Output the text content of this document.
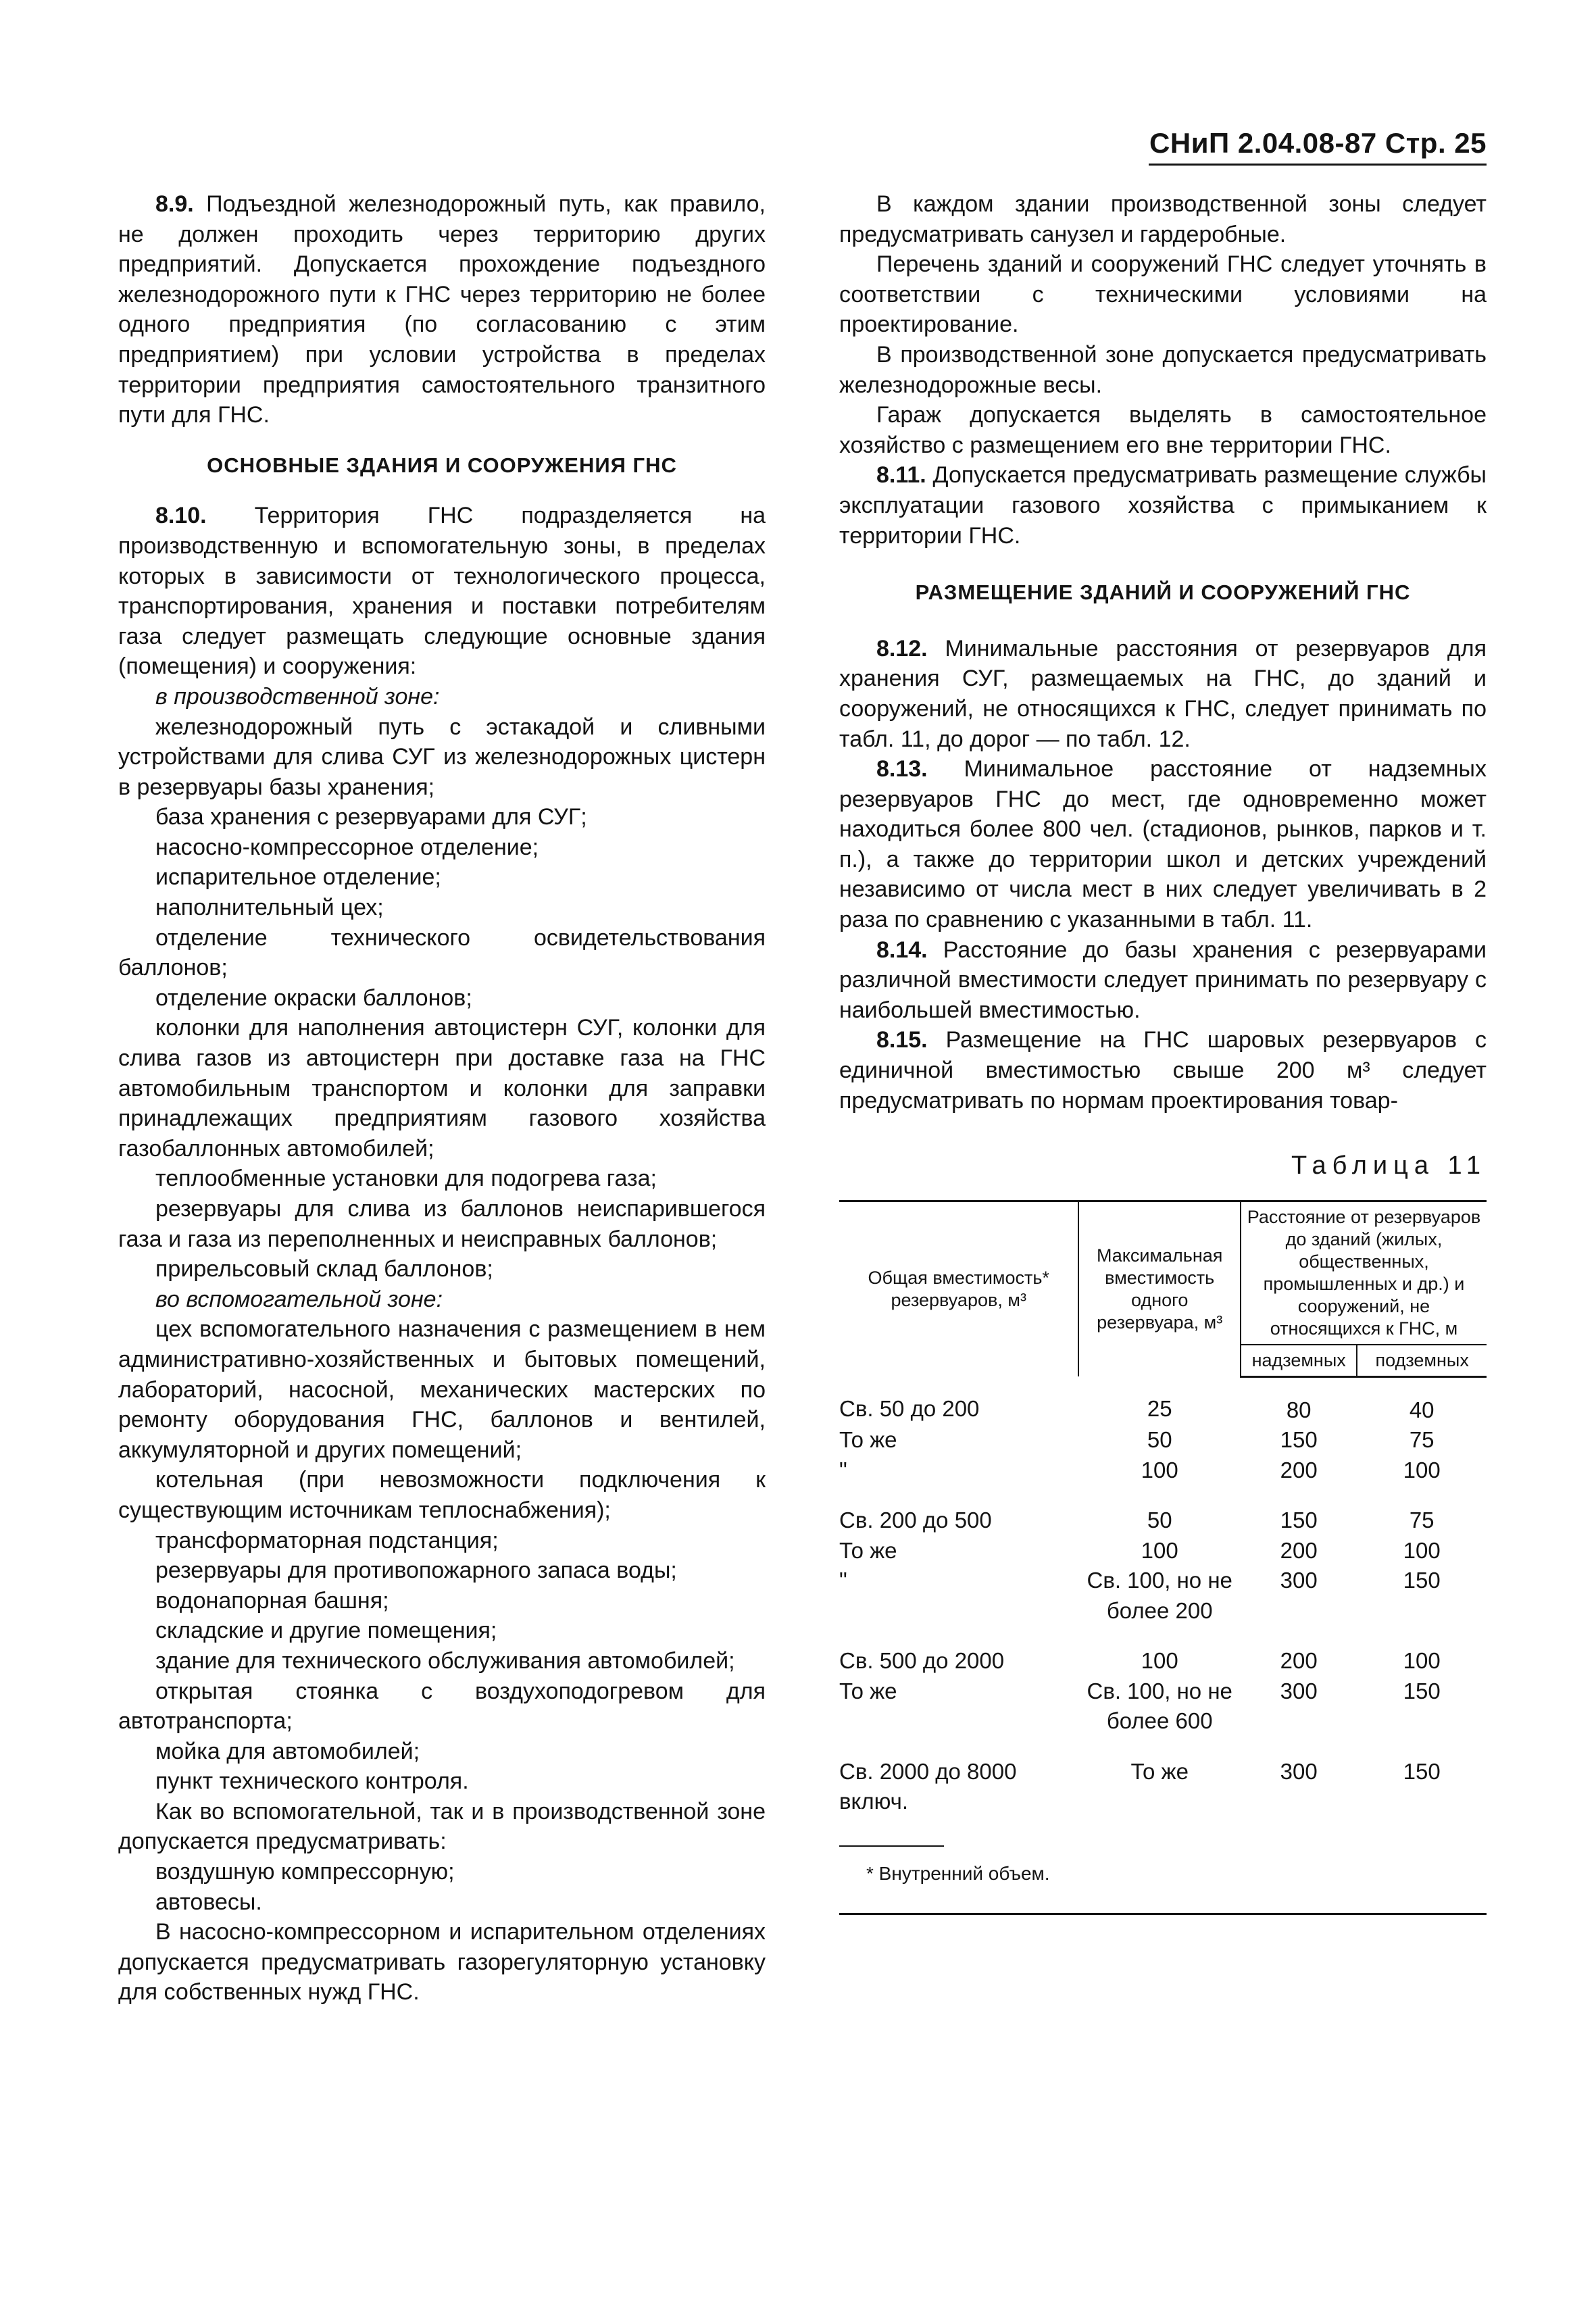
СНиП 2.04.08-87 Стр. 25

8.9. Подъездной железнодорожный путь, как правило, не должен проходить через территорию других предприятий. Допускается прохождение подъездного железнодорожного пути к ГНС через территорию не более одного предприятия (по согласованию с этим предприятием) при условии устройства в пределах территории предприятия самостоятельного транзитного пути для ГНС.

ОСНОВНЫЕ ЗДАНИЯ И СООРУЖЕНИЯ ГНС

8.10. Территория ГНС подразделяется на производственную и вспомогательную зоны, в пределах которых в зависимости от технологического процесса, транспортирования, хранения и поставки потребителям газа следует размещать следующие основные здания (помещения) и сооружения:

в производственной зоне:

железнодорожный путь с эстакадой и сливными устройствами для слива СУГ из железнодорожных цистерн в резервуары базы хранения;

база хранения с резервуарами для СУГ;

насосно-компрессорное отделение;

испарительное отделение;

наполнительный цех;

отделение технического освидетельствования баллонов;

отделение окраски баллонов;

колонки для наполнения автоцистерн СУГ, колонки для слива газов из автоцистерн при доставке газа на ГНС автомобильным транспортом и колонки для заправки принадлежащих предприятиям газового хозяйства газобаллонных автомобилей;

теплообменные установки для подогрева газа;

резервуары для слива из баллонов неиспарившегося газа и газа из переполненных и неисправных баллонов;

прирельсовый склад баллонов;

во вспомогательной зоне:

цех вспомогательного назначения с размещением в нем административно-хозяйственных и бытовых помещений, лабораторий, насосной, механических мастерских по ремонту оборудования ГНС, баллонов и вентилей, аккумуляторной и других помещений;

котельная (при невозможности подключения к существующим источникам теплоснабжения);

трансформаторная подстанция;

резервуары для противопожарного запаса воды;

водонапорная башня;

складские и другие помещения;

здание для технического обслуживания автомобилей;

открытая стоянка с воздухоподогревом для автотранспорта;

мойка для автомобилей;

пункт технического контроля.

Как во вспомогательной, так и в производственной зоне допускается предусматривать:

воздушную компрессорную;

автовесы.

В насосно-компрессорном и испарительном отделениях допускается предусматривать газорегуляторную установку для собственных нужд ГНС.

В каждом здании производственной зоны следует предусматривать санузел и гардеробные.

Перечень зданий и сооружений ГНС следует уточнять в соответствии с техническими условиями на проектирование.

В производственной зоне допускается предусматривать железнодорожные весы.

Гараж допускается выделять в самостоятельное хозяйство с размещением его вне территории ГНС.

8.11. Допускается предусматривать размещение службы эксплуатации газового хозяйства с примыканием к территории ГНС.

РАЗМЕЩЕНИЕ ЗДАНИЙ И СООРУЖЕНИЙ ГНС

8.12. Минимальные расстояния от резервуаров для хранения СУГ, размещаемых на ГНС, до зданий и сооружений, не относящихся к ГНС, следует принимать по табл. 11, до дорог — по табл. 12.

8.13. Минимальное расстояние от надземных резервуаров ГНС до мест, где одновременно может находиться более 800 чел. (стадионов, рынков, парков и т. п.), а также до территории школ и детских учреждений независимо от числа мест в них следует увеличивать в 2 раза по сравнению с указанными в табл. 11.

8.14. Расстояние до базы хранения с резервуарами различной вместимости следует принимать по резервуару с наибольшей вместимостью.

8.15. Размещение на ГНС шаровых резервуаров с единичной вместимостью свыше 200 м³ следует предусматривать по нормам проектирования товар-

Таблица 11

Общая вместимость* резервуаров, м³	Максимальная вместимость одного резервуара, м³	Расстояние от резервуаров до зданий (жилых, общественных, промышленных и др.) и сооружений, не относящихся к ГНС, м	
		надземных	подземных
Св. 50 до 200	25	80	40
То же	50	150	75
"	100	200	100
Св. 200 до 500	50	150	75
То же	100	200	100
"	Св. 100, но не более 200	300	150
Св. 500 до 2000	100	200	100
То же	Св. 100, но не более 600	300	150
Св. 2000 до 8000 включ.	То же	300	150
* Внутренний объем.
